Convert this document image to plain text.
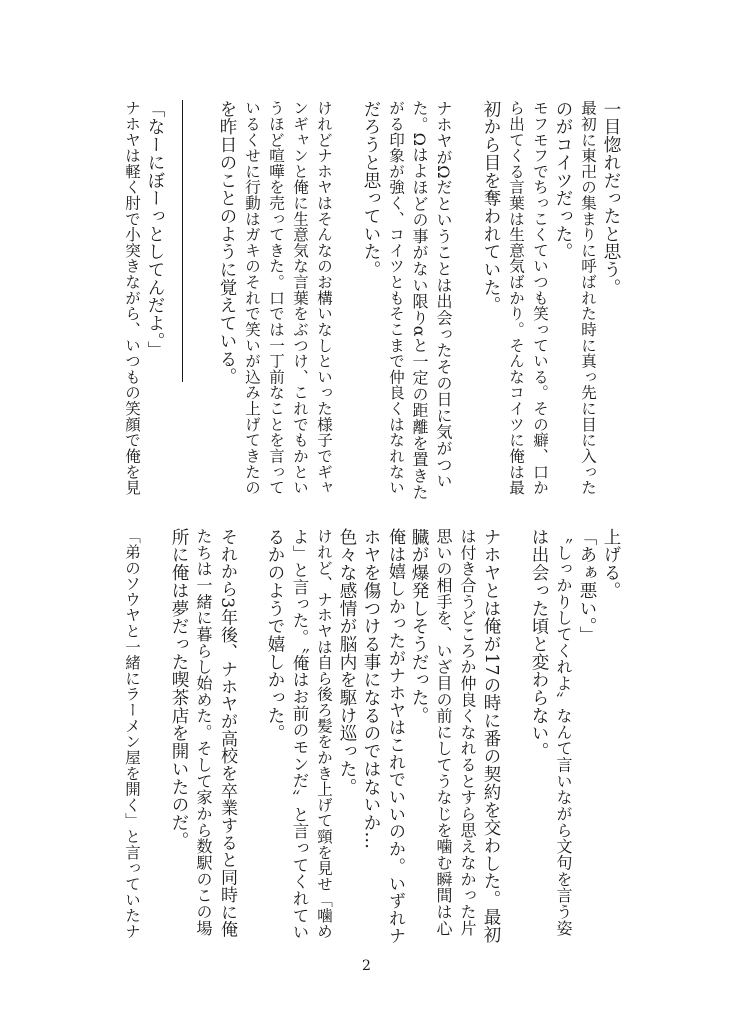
一目惚れだったと思う。
最初に東卍の集まりに呼ばれた時に真っ先に目に入った
のがコイツだった。
モフモフでちっこくていつも笑っている。その癖、口か
ら出てくる言葉は生意気ばかり。そんなコイツに俺は最
初から目を奪われていた。
ナホヤがΩだということは出会ったその日に気がつい
た。Ωはよほどの事がない限りαと一定の距離を置きた
がる印象が強く、コイツともそこまで仲良くはなれない
だろうと思っていた。
けれどナホヤはそんなのお構いなしといった様子でギャ
ンギャンと俺に生意気な言葉をぶつけ、これでもかとい
うほど喧嘩を売ってきた。口では一丁前なことを言って
いるくせに行動はガキのそれで笑いが込み上げてきたの
を昨日のことのように覚えている。
「なーにぼーっとしてんだよ。」
ナホヤは軽く肘で小突きながら、いつもの笑顔で俺を見
上げる。
「あぁ悪い。」
〝しっかりしてくれよ〟なんて言いながら文句を言う姿
は出会った頃と変わらない。
ナホヤとは俺が17の時に番の契約を交わした。最初
は付き合うどころか仲良くなれるとすら思えなかった片
思いの相手を、いざ目の前にしてうなじを噛む瞬間は心
臓が爆発しそうだった。
俺は嬉しかったがナホヤはこれでいいのか。いずれナ
ホヤを傷つける事になるのではないか…
色々な感情が脳内を駆け巡った。
けれど、ナホヤは自ら後ろ髪をかき上げて頸を見せ「噛め
よ」と言った。〝俺はお前のモンだ〟と言ってくれてい
るかのようで嬉しかった。
それから3年後、ナホヤが高校を卒業すると同時に俺
たちは一緒に暮らし始めた。そして家から数駅のこの場
所に俺は夢だった喫茶店を開いたのだ。
「弟のソウヤと一緒にラーメン屋を開く」と言っていたナ
2
